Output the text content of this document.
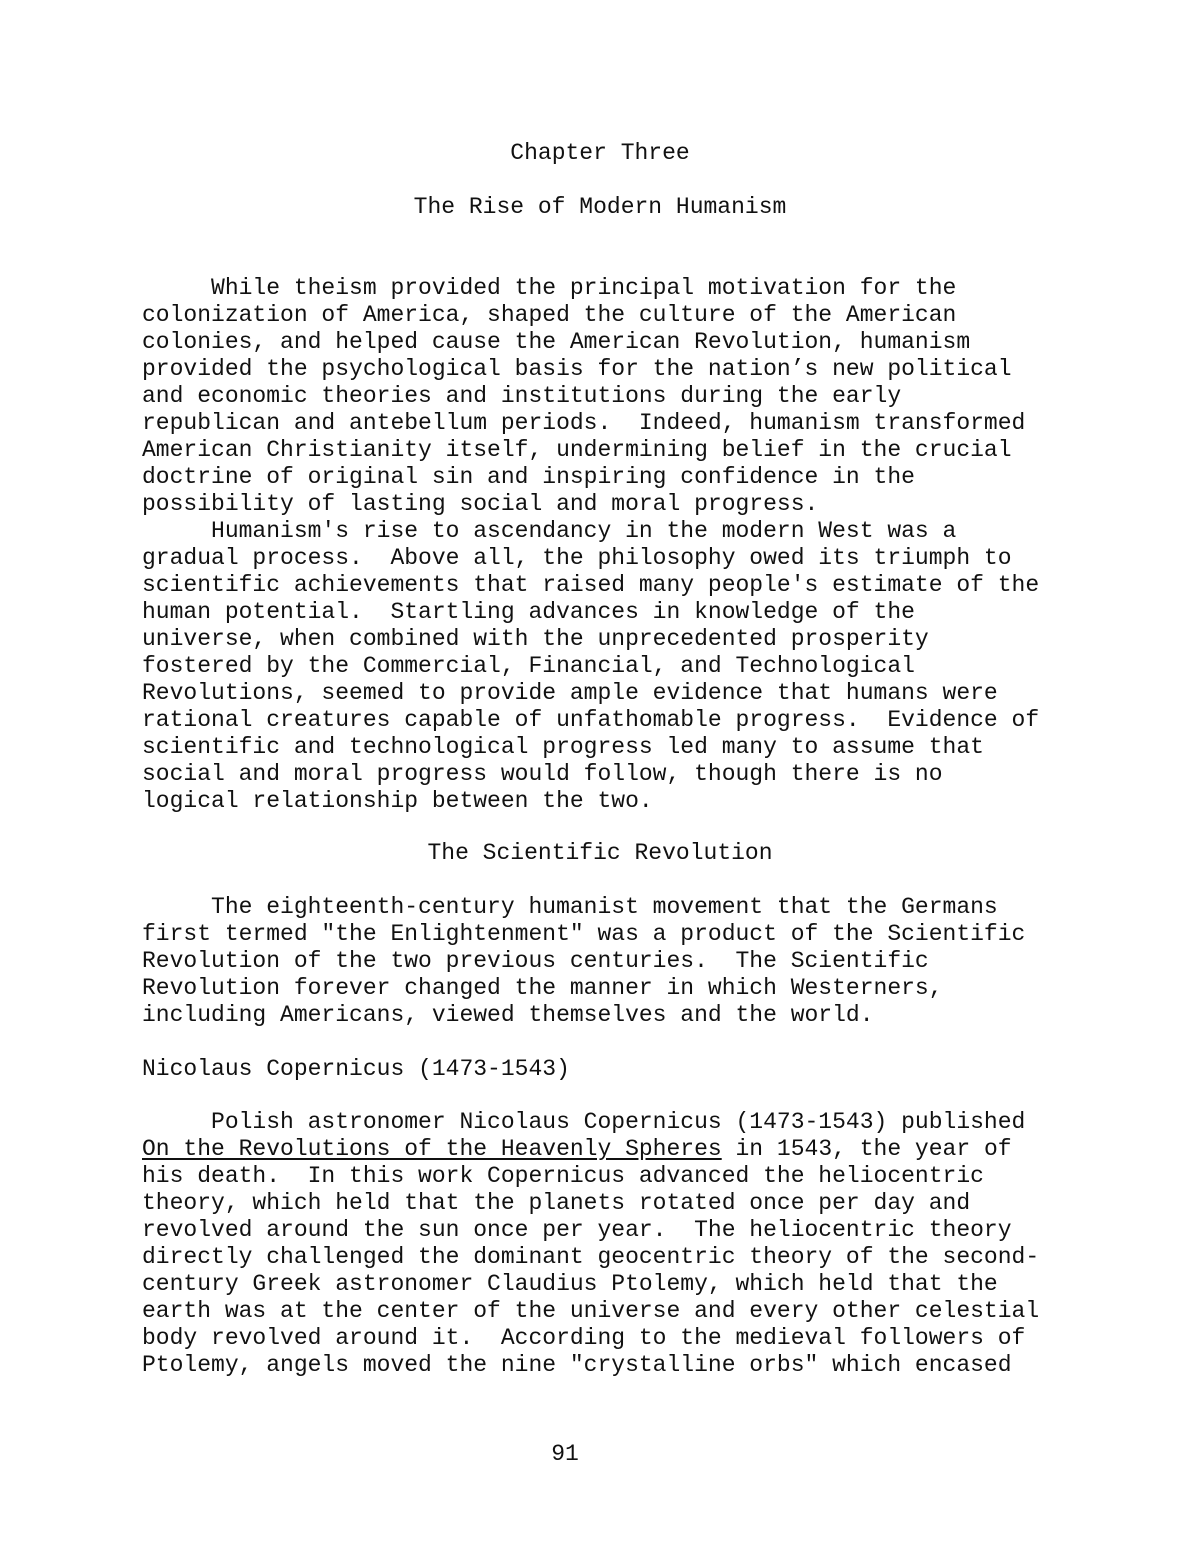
Chapter Three
The Rise of Modern Humanism
While theism provided the principal motivation for the
colonization of America, shaped the culture of the American
colonies, and helped cause the American Revolution, humanism
provided the psychological basis for the nation’s new political
and economic theories and institutions during the early
republican and antebellum periods.  Indeed, humanism transformed
American Christianity itself, undermining belief in the crucial
doctrine of original sin and inspiring confidence in the
possibility of lasting social and moral progress.
Humanism's rise to ascendancy in the modern West was a
gradual process.  Above all, the philosophy owed its triumph to
scientific achievements that raised many people's estimate of the
human potential.  Startling advances in knowledge of the
universe, when combined with the unprecedented prosperity
fostered by the Commercial, Financial, and Technological
Revolutions, seemed to provide ample evidence that humans were
rational creatures capable of unfathomable progress.  Evidence of
scientific and technological progress led many to assume that
social and moral progress would follow, though there is no
logical relationship between the two.
The Scientific Revolution
The eighteenth-century humanist movement that the Germans
first termed "the Enlightenment" was a product of the Scientific
Revolution of the two previous centuries.  The Scientific
Revolution forever changed the manner in which Westerners,
including Americans, viewed themselves and the world.
Nicolaus Copernicus (1473-1543)
Polish astronomer Nicolaus Copernicus (1473-1543) published
On the Revolutions of the Heavenly Spheres in 1543, the year of
his death.  In this work Copernicus advanced the heliocentric
theory, which held that the planets rotated once per day and
revolved around the sun once per year.  The heliocentric theory
directly challenged the dominant geocentric theory of the second-
century Greek astronomer Claudius Ptolemy, which held that the
earth was at the center of the universe and every other celestial
body revolved around it.  According to the medieval followers of
Ptolemy, angels moved the nine "crystalline orbs" which encased
91
